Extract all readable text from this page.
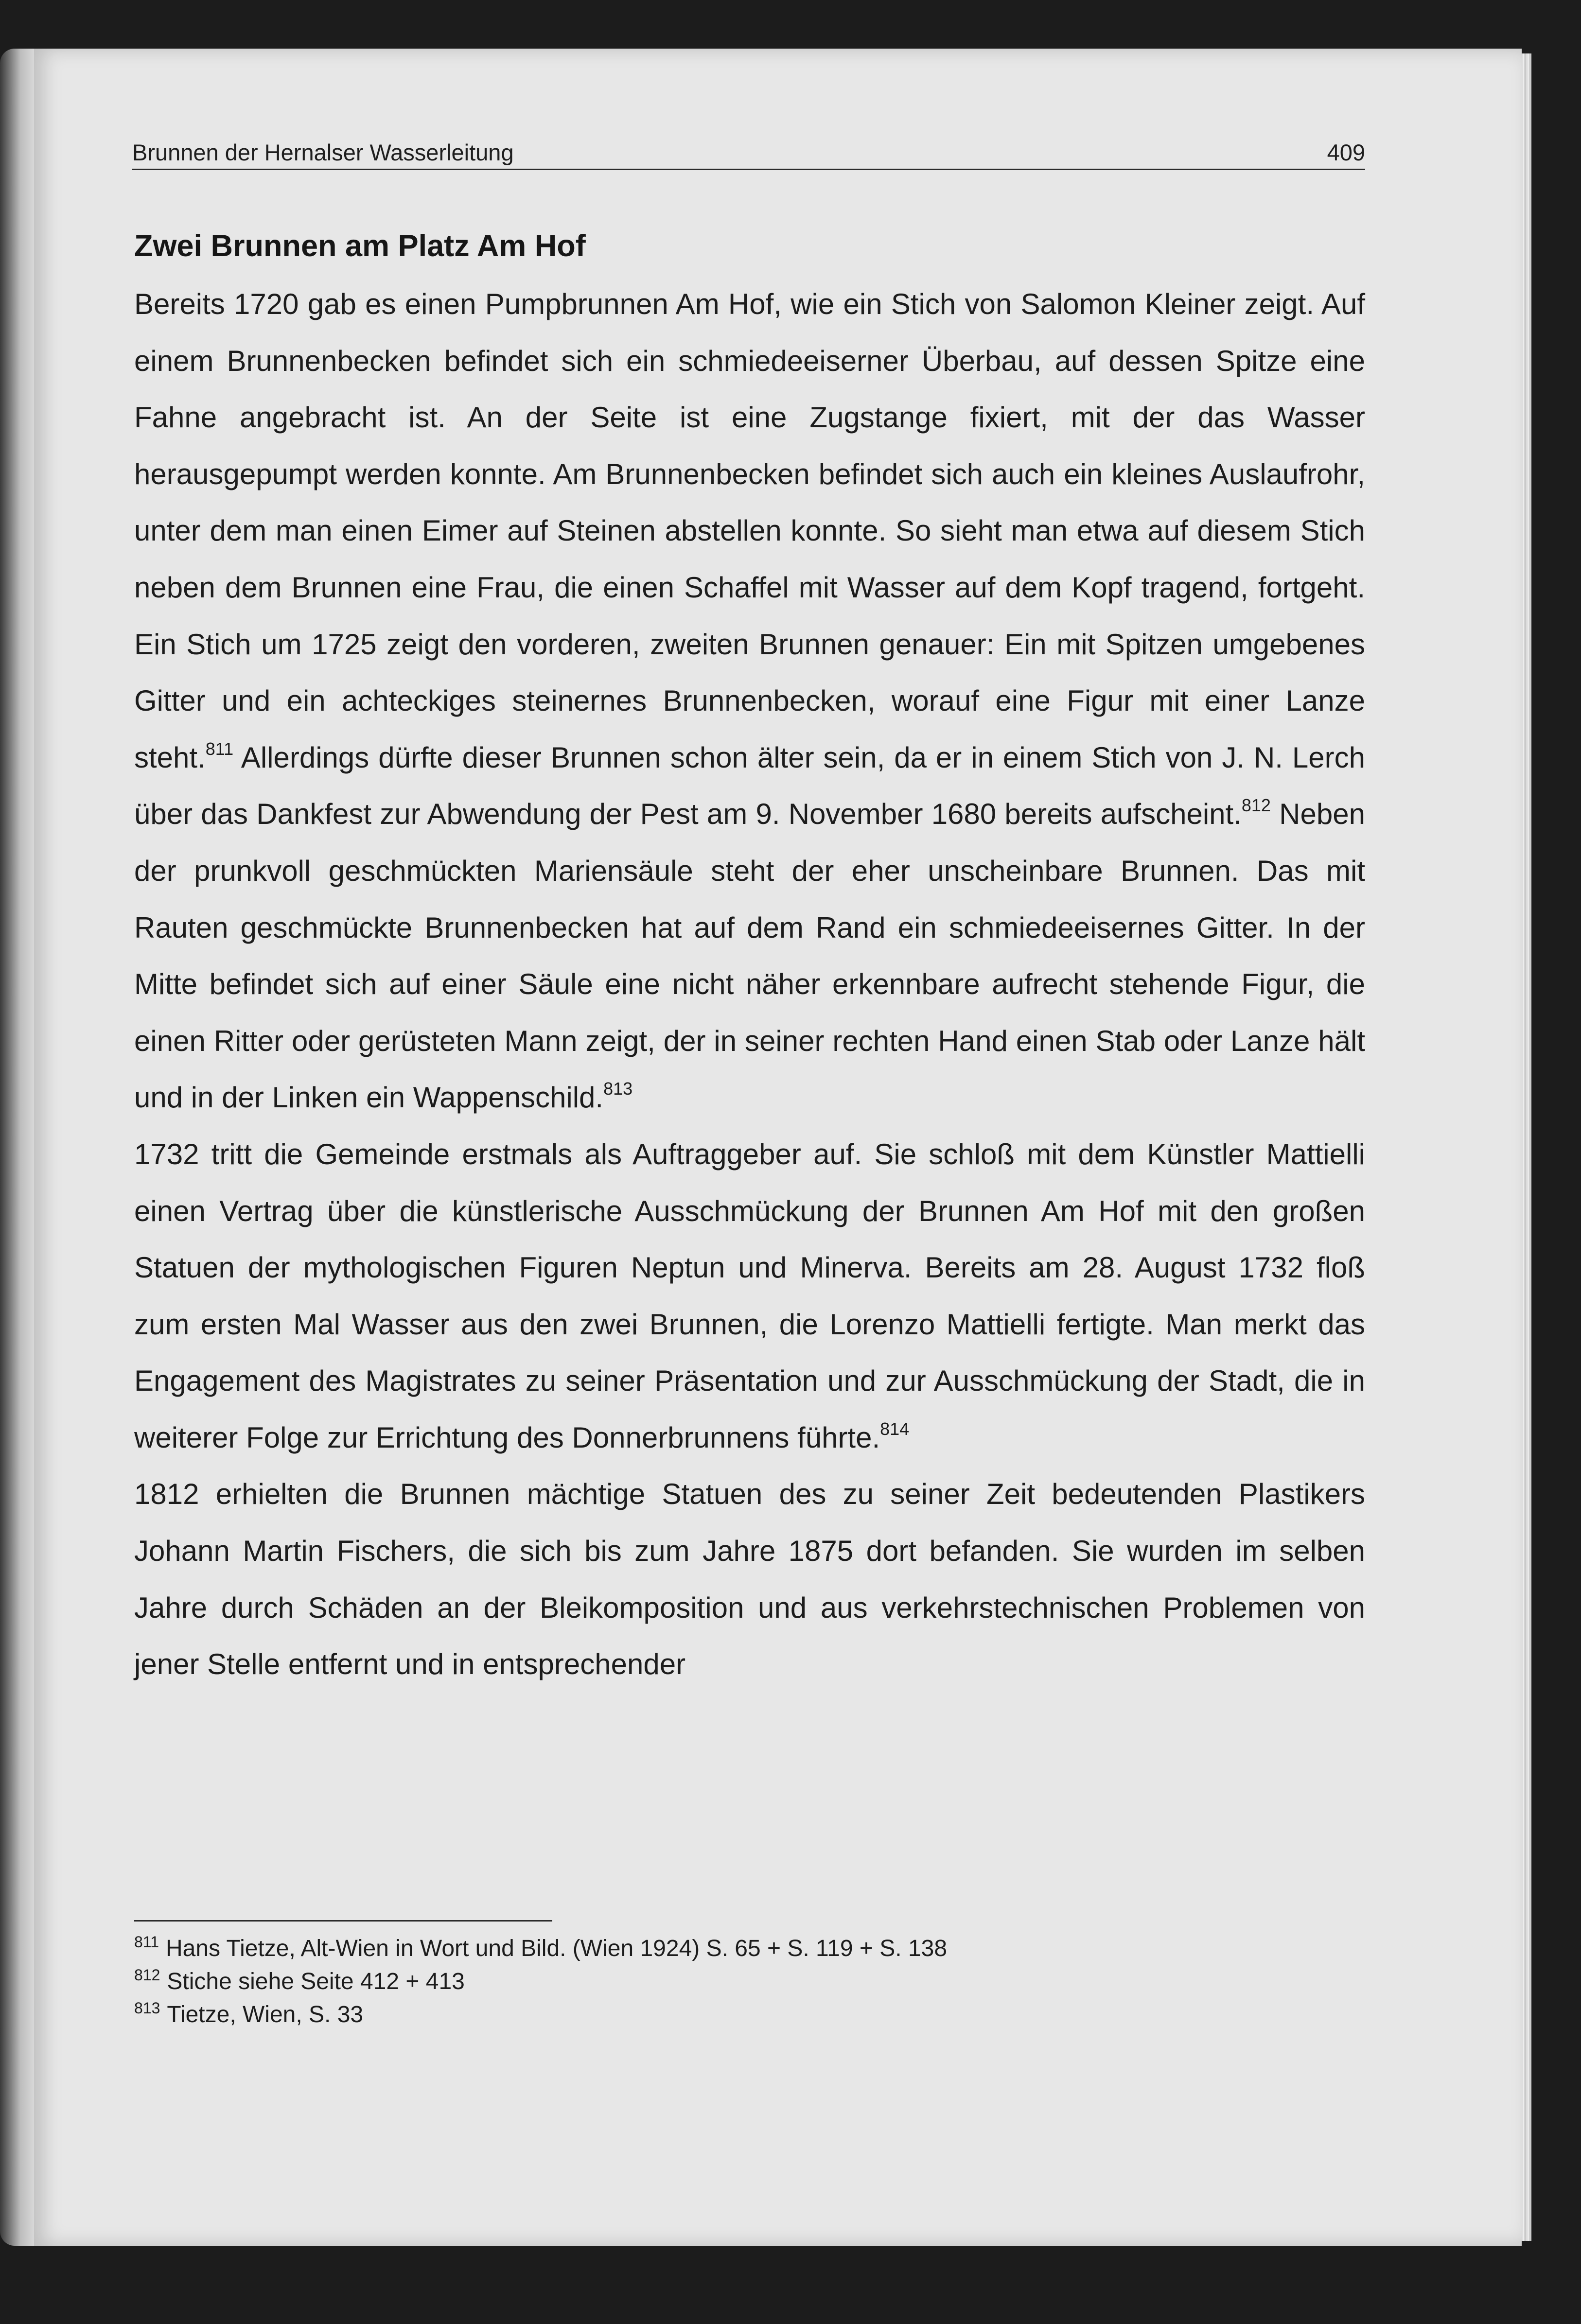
Brunnen der Hernalser Wasserleitung	409
Zwei Brunnen am Platz Am Hof

Bereits 1720 gab es einen Pumpbrunnen Am Hof, wie ein Stich von Salomon Kleiner zeigt. Auf einem Brunnenbecken befindet sich ein schmiedeeiserner Überbau, auf dessen Spitze eine Fahne angebracht ist. An der Seite ist eine Zugstange fixiert, mit der das Wasser herausgepumpt werden konnte. Am Brunnenbecken befindet sich auch ein kleines Auslaufrohr, unter dem man einen Eimer auf Steinen abstellen konnte. So sieht man etwa auf diesem Stich neben dem Brunnen eine Frau, die einen Schaffel mit Wasser auf dem Kopf tragend, fortgeht. Ein Stich um 1725 zeigt den vorderen, zweiten Brunnen genauer: Ein mit Spitzen umgebenes Gitter und ein achteckiges steinernes Brunnenbecken, worauf eine Figur mit einer Lanze steht.$^{811}$ Allerdings dürfte dieser Brunnen schon älter sein, da er in einem Stich von J. N. Lerch über das Dankfest zur Abwendung der Pest am 9. November 1680 bereits aufscheint.$^{812}$ Neben der prunkvoll geschmückten Mariensäule steht der eher unscheinbare Brunnen. Das mit Rauten geschmückte Brunnenbecken hat auf dem Rand ein schmiedeeisernes Gitter. In der Mitte befindet sich auf einer Säule eine nicht näher erkennbare aufrecht stehende Figur, die einen Ritter oder gerüsteten Mann zeigt, der in seiner rechten Hand einen Stab oder Lanze hält und in der Linken ein Wappenschild.$^{813}$

1732 tritt die Gemeinde erstmals als Auftraggeber auf. Sie schloß mit dem Künstler Mattielli einen Vertrag über die künstlerische Ausschmückung der Brunnen Am Hof mit den großen Statuen der mythologischen Figuren Neptun und Minerva. Bereits am 28. August 1732 floß zum ersten Mal Wasser aus den zwei Brunnen, die Lorenzo Mattielli fertigte. Man merkt das Engagement des Magistrates zu seiner Präsentation und zur Ausschmückung der Stadt, die in weiterer Folge zur Errichtung des Donnerbrunnens führte.$^{814}$

1812 erhielten die Brunnen mächtige Statuen des zu seiner Zeit bedeutenden Plastikers Johann Martin Fischers, die sich bis zum Jahre 1875 dort befanden. Sie wurden im selben Jahre durch Schäden an der Bleikomposition und aus verkehrstechnischen Problemen von jener Stelle entfernt und in entsprechender

$^{811}$ Hans Tietze, Alt-Wien in Wort und Bild. (Wien 1924) S. 65 + S. 119 + S. 138
$^{812}$ Stiche siehe Seite 412 + 413
$^{813}$ Tietze, Wien, S. 33
